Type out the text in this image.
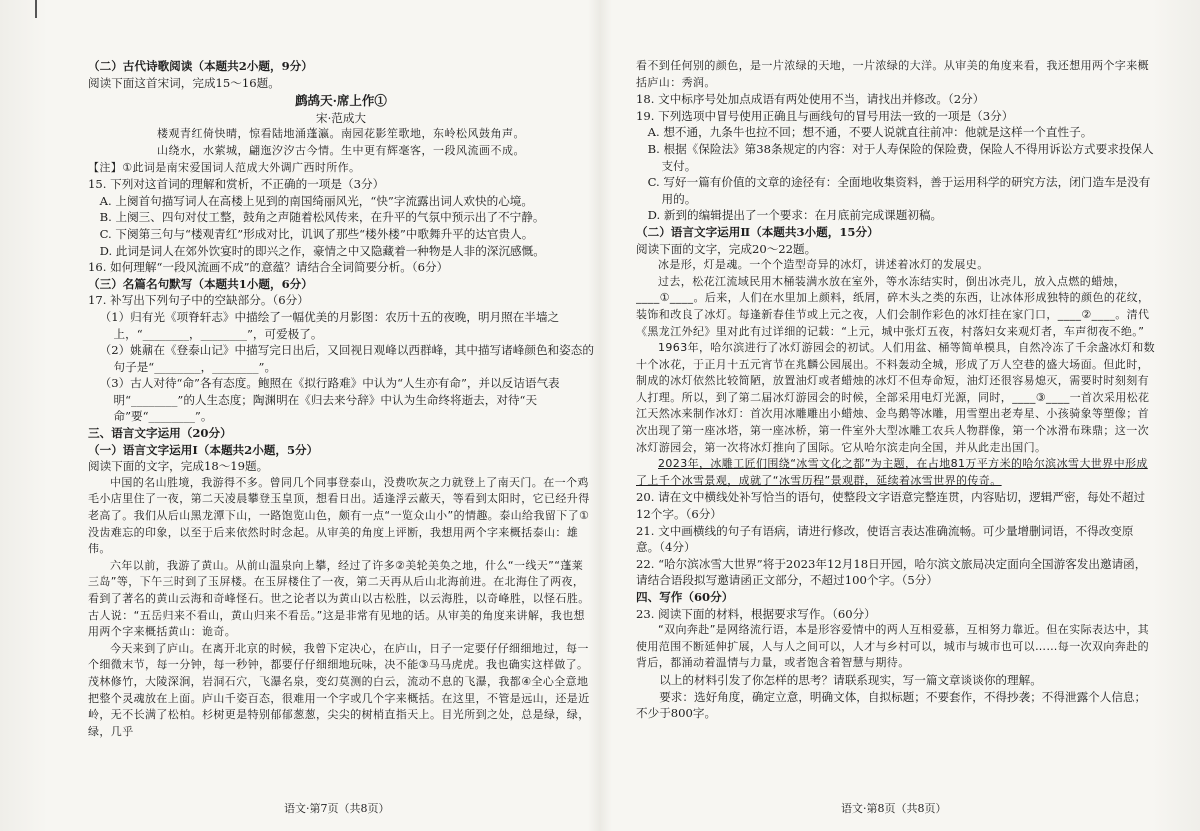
（二）古代诗歌阅读（本题共2小题，9分）

阅读下面这首宋词，完成15～16题。

鹧鸪天·席上作①

宋·范成大

楼观青红倚快晴，惊看陆地涌蓬瀛。南园花影笙歌地，东岭松风鼓角声。

山绕水，水萦城，翩迤汐汐古今情。生中更有辉毫客，一段风流画不成。

【注】①此词是南宋爱国词人范成大外调广西时所作。

15. 下列对这首词的理解和赏析，不正确的一项是（3分）

A. 上阕首句描写词人在高楼上见到的南国绮丽风光，“快”字流露出词人欢快的心境。

B. 上阕三、四句对仗工整，鼓角之声随着松风传来，在升平的气氛中预示出了不宁静。

C. 下阕第三句与“楼观青红”形成对比，讥讽了那些“楼外楼”中歌舞升平的达官贵人。

D. 此词是词人在郊外饮宴时的即兴之作，豪情之中又隐藏着一种物是人非的深沉感慨。

16. 如何理解“一段风流画不成”的意蕴？请结合全词简要分析。（6分）

（三）名篇名句默写（本题共1小题，6分）

17. 补写出下列句子中的空缺部分。（6分）

（1）归有光《项脊轩志》中描绘了一幅优美的月影图：农历十五的夜晚，明月照在半墙之上，“________，________”，可爱极了。

（2）姚鼐在《登泰山记》中描写完日出后，又回视日观峰以西群峰，其中描写诸峰颜色和姿态的句子是“________，________”。

（3）古人对待“命”各有态度。鲍照在《拟行路难》中认为“人生亦有命”，并以反诘语气表明“________”的人生态度；陶渊明在《归去来兮辞》中认为生命终将逝去，对待“天命”要“________”。

三、语言文字运用（20分）

（一）语言文字运用Ⅰ（本题共2小题，5分）

阅读下面的文字，完成18～19题。

中国的名山胜境，我游得不多。曾同几个同事登泰山，没费吹灰之力就登上了南天门。在一个鸡毛小店里住了一夜，第二天凌晨攀登玉皇顶，想看日出。适逢浮云蔽天，等看到太阳时，它已经升得老高了。我们从后山黑龙潭下山，一路饱览山色，颇有一点“一览众山小”的情趣。泰山给我留下了①没齿难忘的印象，以至于后来依然时时念起。从审美的角度上评断，我想用两个字来概括泰山：雄伟。

六年以前，我游了黄山。从前山温泉向上攀，经过了许多②美轮美奂之地，什么“一线天”“蓬莱三岛”等，下午三时到了玉屏楼。在玉屏楼住了一夜，第二天再从后山北海前进。在北海住了两夜，看到了著名的黄山云海和奇峰怪石。世之论者以为黄山以古松胜，以云海胜，以奇峰胜，以怪石胜。古人说：“五岳归来不看山，黄山归来不看岳。”这是非常有见地的话。从审美的角度来讲解，我也想用两个字来概括黄山：诡奇。

今天来到了庐山。在离开北京的时候，我曾下定决心，在庐山，日子一定要仔仔细细地过，每一个细微末节，每一分钟，每一秒钟，都要仔仔细细地玩味，决不能③马马虎虎。我也确实这样做了。茂林修竹，大陵深涧，岩洞石穴，飞瀑名泉，变幻莫测的白云，流动不息的飞瀑，我都④全心全意地把整个灵魂放在上面。庐山千姿百态，很难用一个字或几个字来概括。在这里，不管是远山，还是近岭，无不长满了松柏。杉树更是特别郁郁葱葱，尖尖的树梢直指天上。目光所到之处，总是绿，绿，绿，几乎

看不到任何别的颜色，是一片浓绿的天地，一片浓绿的大洋。从审美的角度来看，我还想用两个字来概括庐山：秀润。

18. 文中标序号处加点成语有两处使用不当，请找出并修改。（2分）

19. 下列选项中冒号使用正确且与画线句的冒号用法一致的一项是（3分）

A. 想不通，九条牛也拉不回；想不通，不要人说就直往前冲：他就是这样一个直性子。

B. 根据《保险法》第38条规定的内容：对于人寿保险的保险费，保险人不得用诉讼方式要求投保人支付。

C. 写好一篇有价值的文章的途径有：全面地收集资料，善于运用科学的研究方法，闭门造车是没有用的。

D. 新到的编辑提出了一个要求：在月底前完成课题初稿。

（二）语言文字运用Ⅱ（本题共3小题，15分）

阅读下面的文字，完成20～22题。

冰是形，灯是魂。一个个造型奇异的冰灯，讲述着冰灯的发展史。

过去，松花江流域民用木桶装满水放在室外，等水冻结实时，倒出冰壳儿，放入点燃的蜡烛，____①____。后来，人们在水里加上颜料，纸屑，碎木头之类的东西，让冰体形成独特的颜色的花纹，装饰和改良了冰灯。每逢新春佳节或上元之夜，人们会制作彩色的冰灯挂在家门口，____②____。清代《黑龙江外纪》里对此有过详细的记载：“上元，城中张灯五夜，村落妇女来观灯者，车声彻夜不绝。”

1963年，哈尔滨进行了冰灯游园会的初试。人们用盆、桶等简单模具，自然冷冻了千余盏冰灯和数十个冰花，于正月十五元宵节在兆麟公园展出。不料轰动全城，形成了万人空巷的盛大场面。但此时，制成的冰灯依然比较简陋，放置油灯或者蜡烛的冰灯不但寿命短，油灯还很容易熄灭，需要时时刻刻有人打理。所以，到了第二届冰灯游园会的时候，全部采用电灯光源，同时，____③____一首次采用松花江天然冰来制作冰灯：首次用冰雕雕出小蜡烛、金鸟鹅等冰雕，用雪塑出老寿星、小孩骑象等塑像；首次出现了第一座冰塔，第一座冰桥，第一件室外大型冰雕工农兵人物群像，第一个冰滑布珠鼎；这一次冰灯游园会，第一次将冰灯推向了国际。它从哈尔滨走向全国，并从此走出国门。

2023年，冰雕工匠们围绕“冰雪文化之都”为主题，在占地81万平方米的哈尔滨冰雪大世界中形成了上千个冰雪景观，成就了“冰雪历程”景观群，延续着冰雪世界的传奇。

20. 请在文中横线处补写恰当的语句，使整段文字语意完整连贯，内容贴切，逻辑严密，每处不超过12个字。（6分）

21. 文中画横线的句子有语病，请进行修改，使语言表达准确流畅。可少量增删词语，不得改变原意。（4分）

22. “哈尔滨冰雪大世界”将于2023年12月18日开园，哈尔滨文旅局决定面向全国游客发出邀请函，请结合语段拟写邀请函正文部分，不超过100个字。（5分）

四、写作（60分）

23. 阅读下面的材料，根据要求写作。（60分）

“双向奔赴”是网络流行语，本是形容爱情中的两人互相爱慕，互相努力靠近。但在实际表达中，其使用范围不断延伸扩展，人与人之间可以，人才与乡村可以，城市与城市也可以……每一次双向奔赴的背后，都涌动着温情与力量，或者饱含着智慧与期待。

以上的材料引发了你怎样的思考？请联系现实，写一篇文章谈谈你的理解。

要求：选好角度，确定立意，明确文体，自拟标题；不要套作，不得抄袭；不得泄露个人信息；不少于800字。

语文·第7页（共8页）	语文·第8页（共8页）
